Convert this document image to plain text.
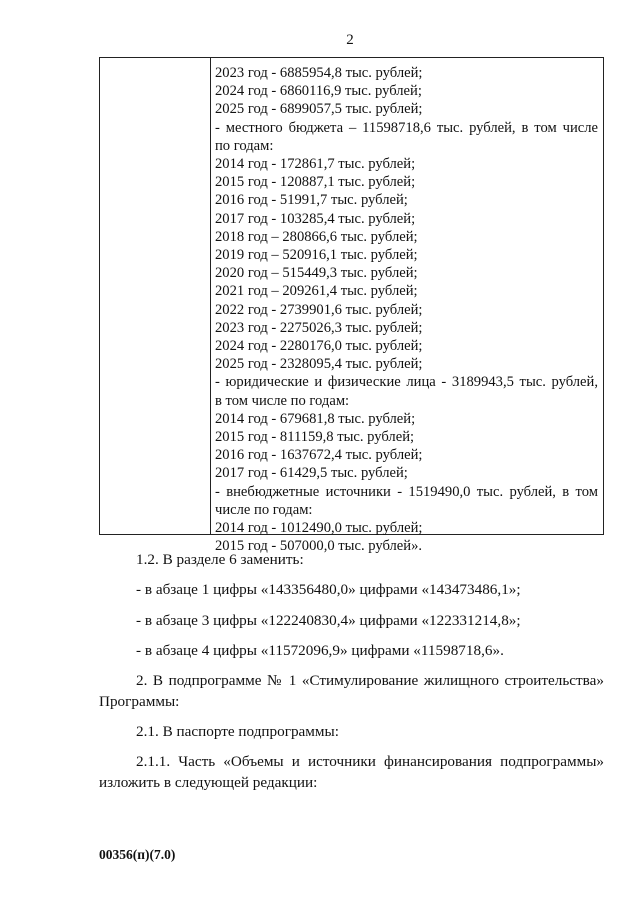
2
2023 год - 6885954,8 тыс. рублей;
2024 год - 6860116,9 тыс. рублей;
2025 год - 6899057,5 тыс. рублей;
- местного бюджета – 11598718,6 тыс. рублей, в том числе
по годам:
2014 год - 172861,7 тыс. рублей;
2015 год - 120887,1 тыс. рублей;
2016 год - 51991,7 тыс. рублей;
2017 год - 103285,4 тыс. рублей;
2018 год – 280866,6 тыс. рублей;
2019 год – 520916,1 тыс. рублей;
2020 год – 515449,3 тыс. рублей;
2021 год – 209261,4 тыс. рублей;
2022 год - 2739901,6 тыс. рублей;
2023 год - 2275026,3 тыс. рублей;
2024 год - 2280176,0 тыс. рублей;
2025 год - 2328095,4 тыс. рублей;
- юридические и физические лица - 3189943,5 тыс. рублей,
в том числе по годам:
2014 год - 679681,8 тыс. рублей;
2015 год - 811159,8 тыс. рублей;
2016 год - 1637672,4 тыс. рублей;
2017 год - 61429,5 тыс. рублей;
- внебюджетные источники - 1519490,0 тыс. рублей, в том
числе по годам:
2014 год - 1012490,0 тыс. рублей;
2015 год - 507000,0 тыс. рублей».
1.2. В разделе 6 заменить:
- в абзаце 1 цифры «143356480,0» цифрами «143473486,1»;
- в абзаце 3 цифры «122240830,4» цифрами «122331214,8»;
- в абзаце 4 цифры «11572096,9» цифрами «11598718,6».
2. В подпрограмме № 1 «Стимулирование жилищного строительства»
Программы:
2.1. В паспорте подпрограммы:
2.1.1. Часть «Объемы и источники финансирования подпрограммы»
изложить в следующей редакции:
00356(п)(7.0)
